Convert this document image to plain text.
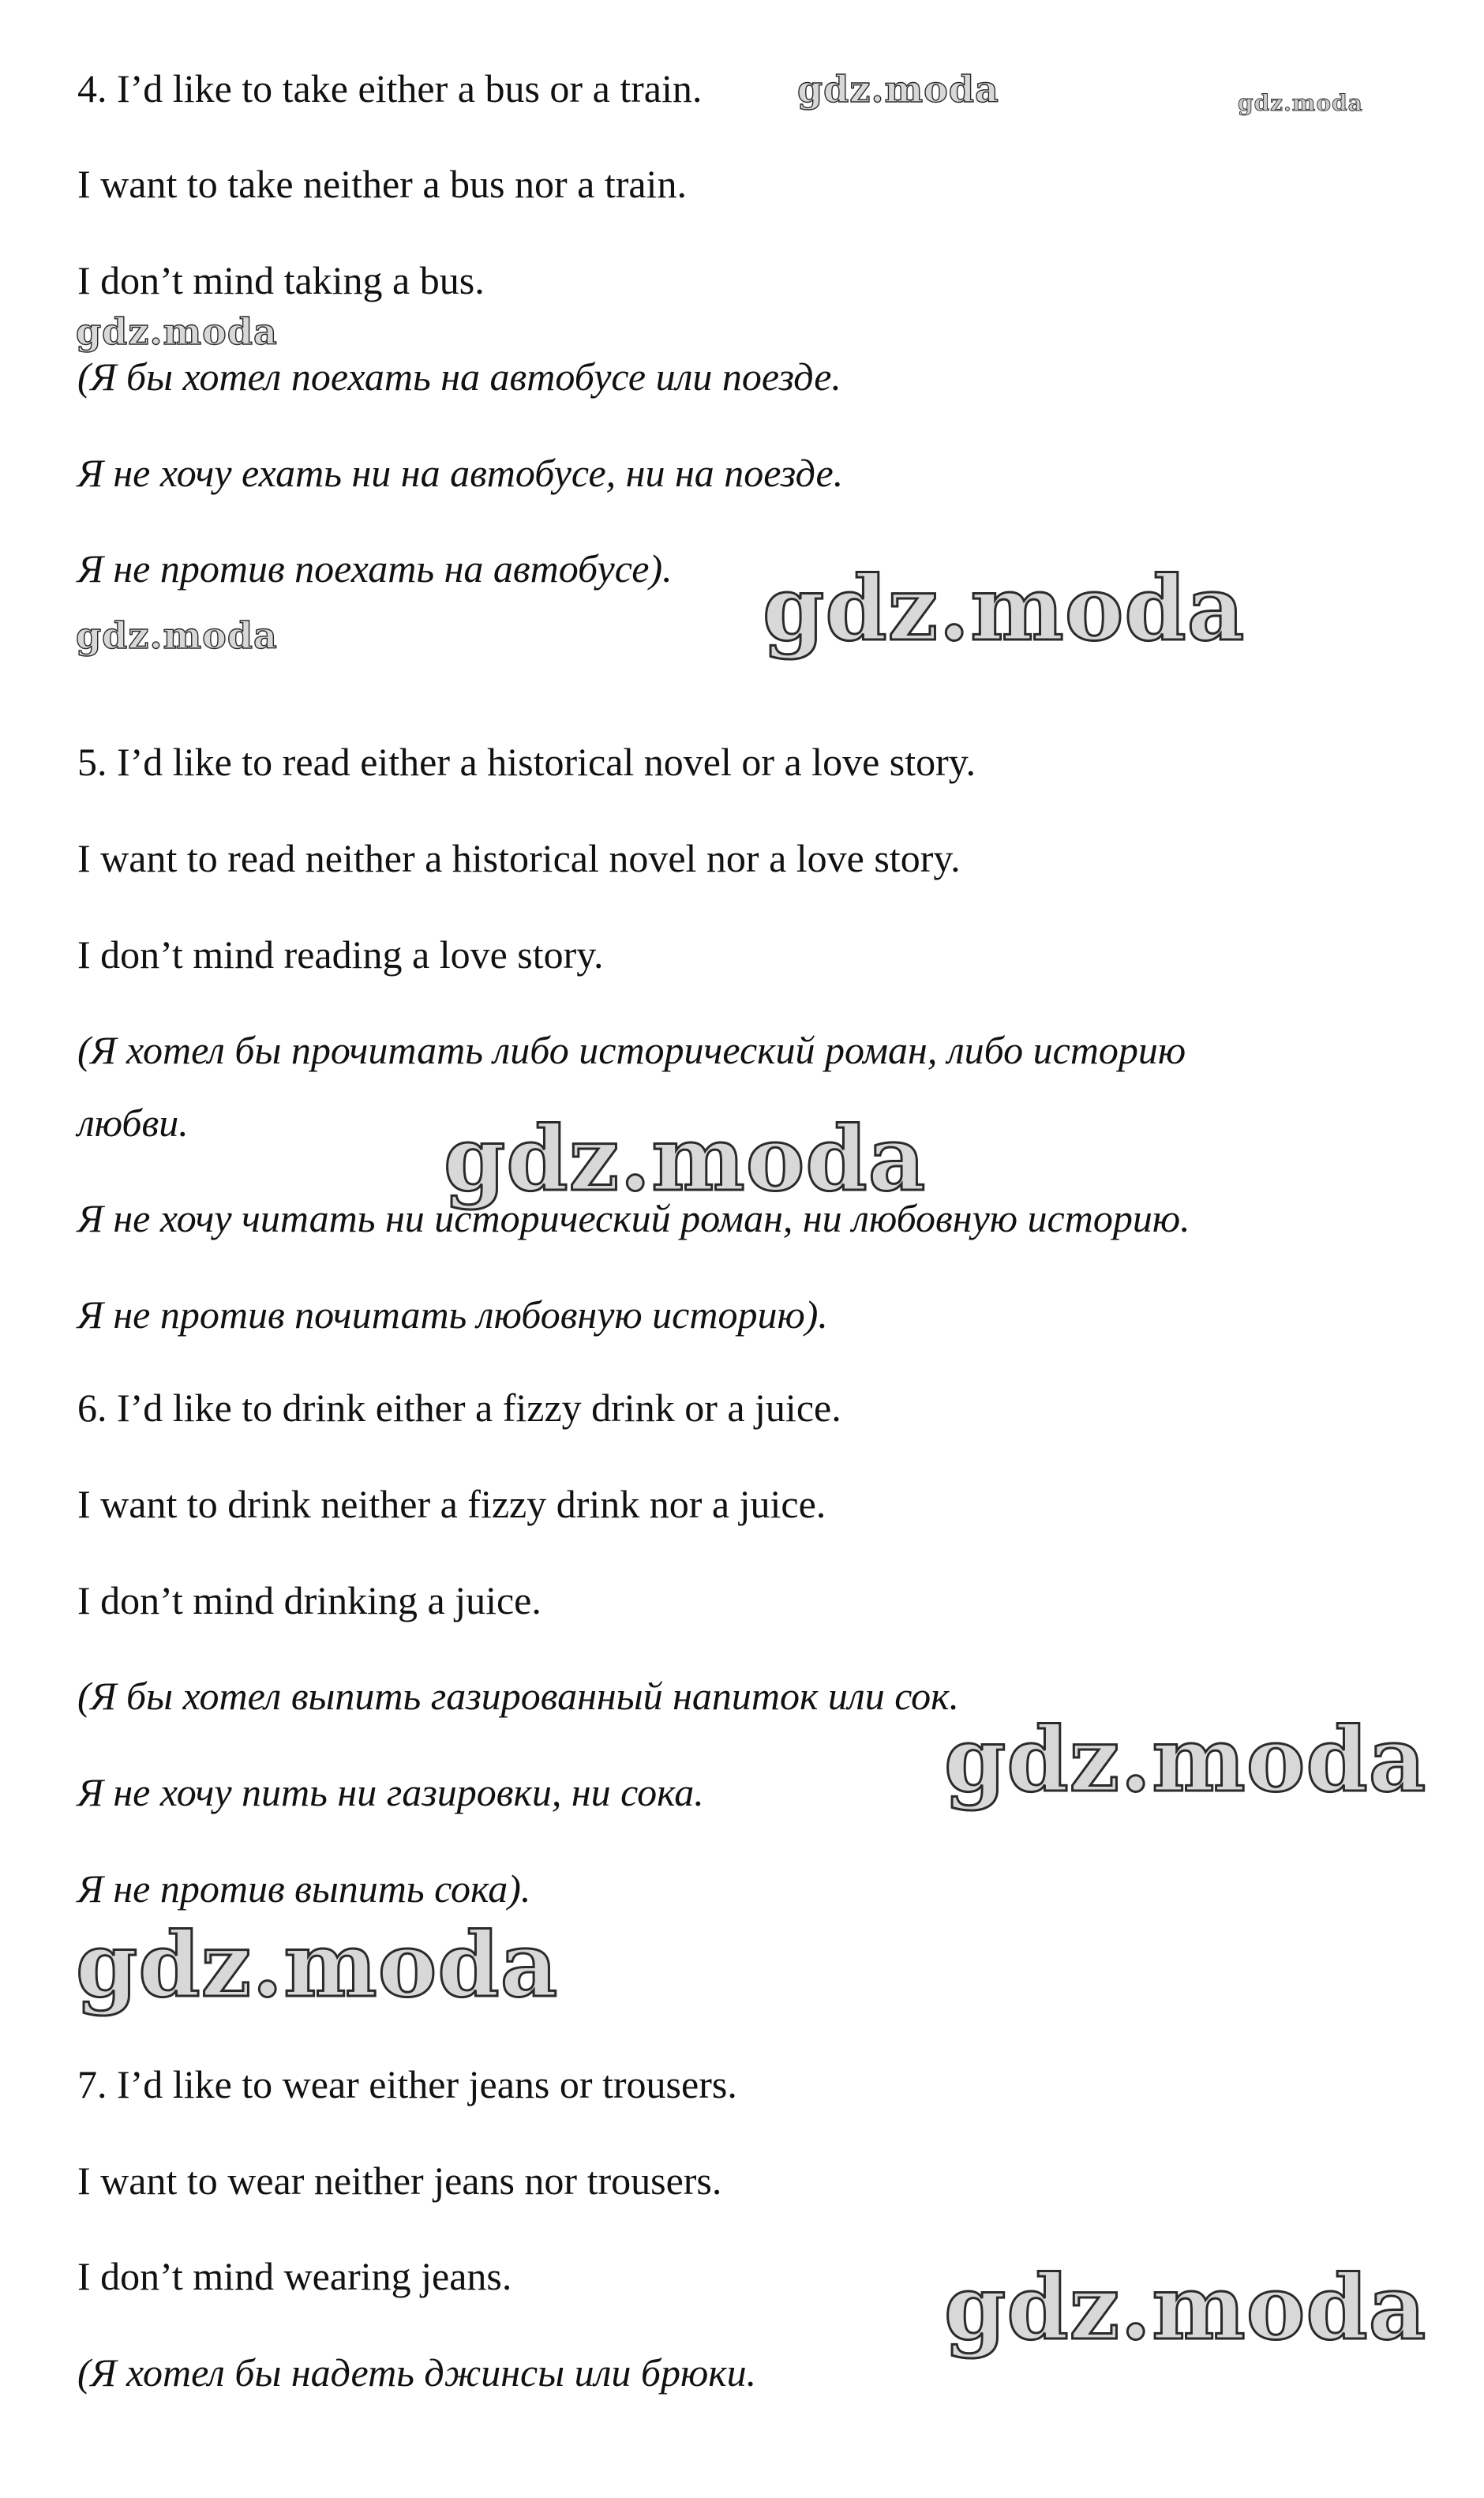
4. I’d like to take either a bus or a train.
I want to take neither a bus nor a train.
I don’t mind taking a bus.
(Я бы хотел поехать на автобусе или поезде.
Я не хочу ехать ни на автобусе, ни на поезде.
Я не против поехать на автобусе).
5. I’d like to read either a historical novel or a love story.
I want to read neither a historical novel nor a love story.
I don’t mind reading a love story.
(Я хотел бы прочитать либо исторический роман, либо историю
любви.
Я не хочу читать ни исторический роман, ни любовную историю.
Я не против почитать любовную историю).
6. I’d like to drink either a fizzy drink or a juice.
I want to drink neither a fizzy drink nor a juice.
I don’t mind drinking a juice.
(Я бы хотел выпить газированный напиток или сок.
Я не хочу пить ни газировки, ни сока.
Я не против выпить сока).
7. I’d like to wear either jeans or trousers.
I want to wear neither jeans nor trousers.
I don’t mind wearing jeans.
(Я хотел бы надеть джинсы или брюки.
gdz.moda	gdz.moda
gdz.moda
gdz.moda	gdz.moda
gdz.moda
gdz.moda
gdz.moda
gdz.moda
